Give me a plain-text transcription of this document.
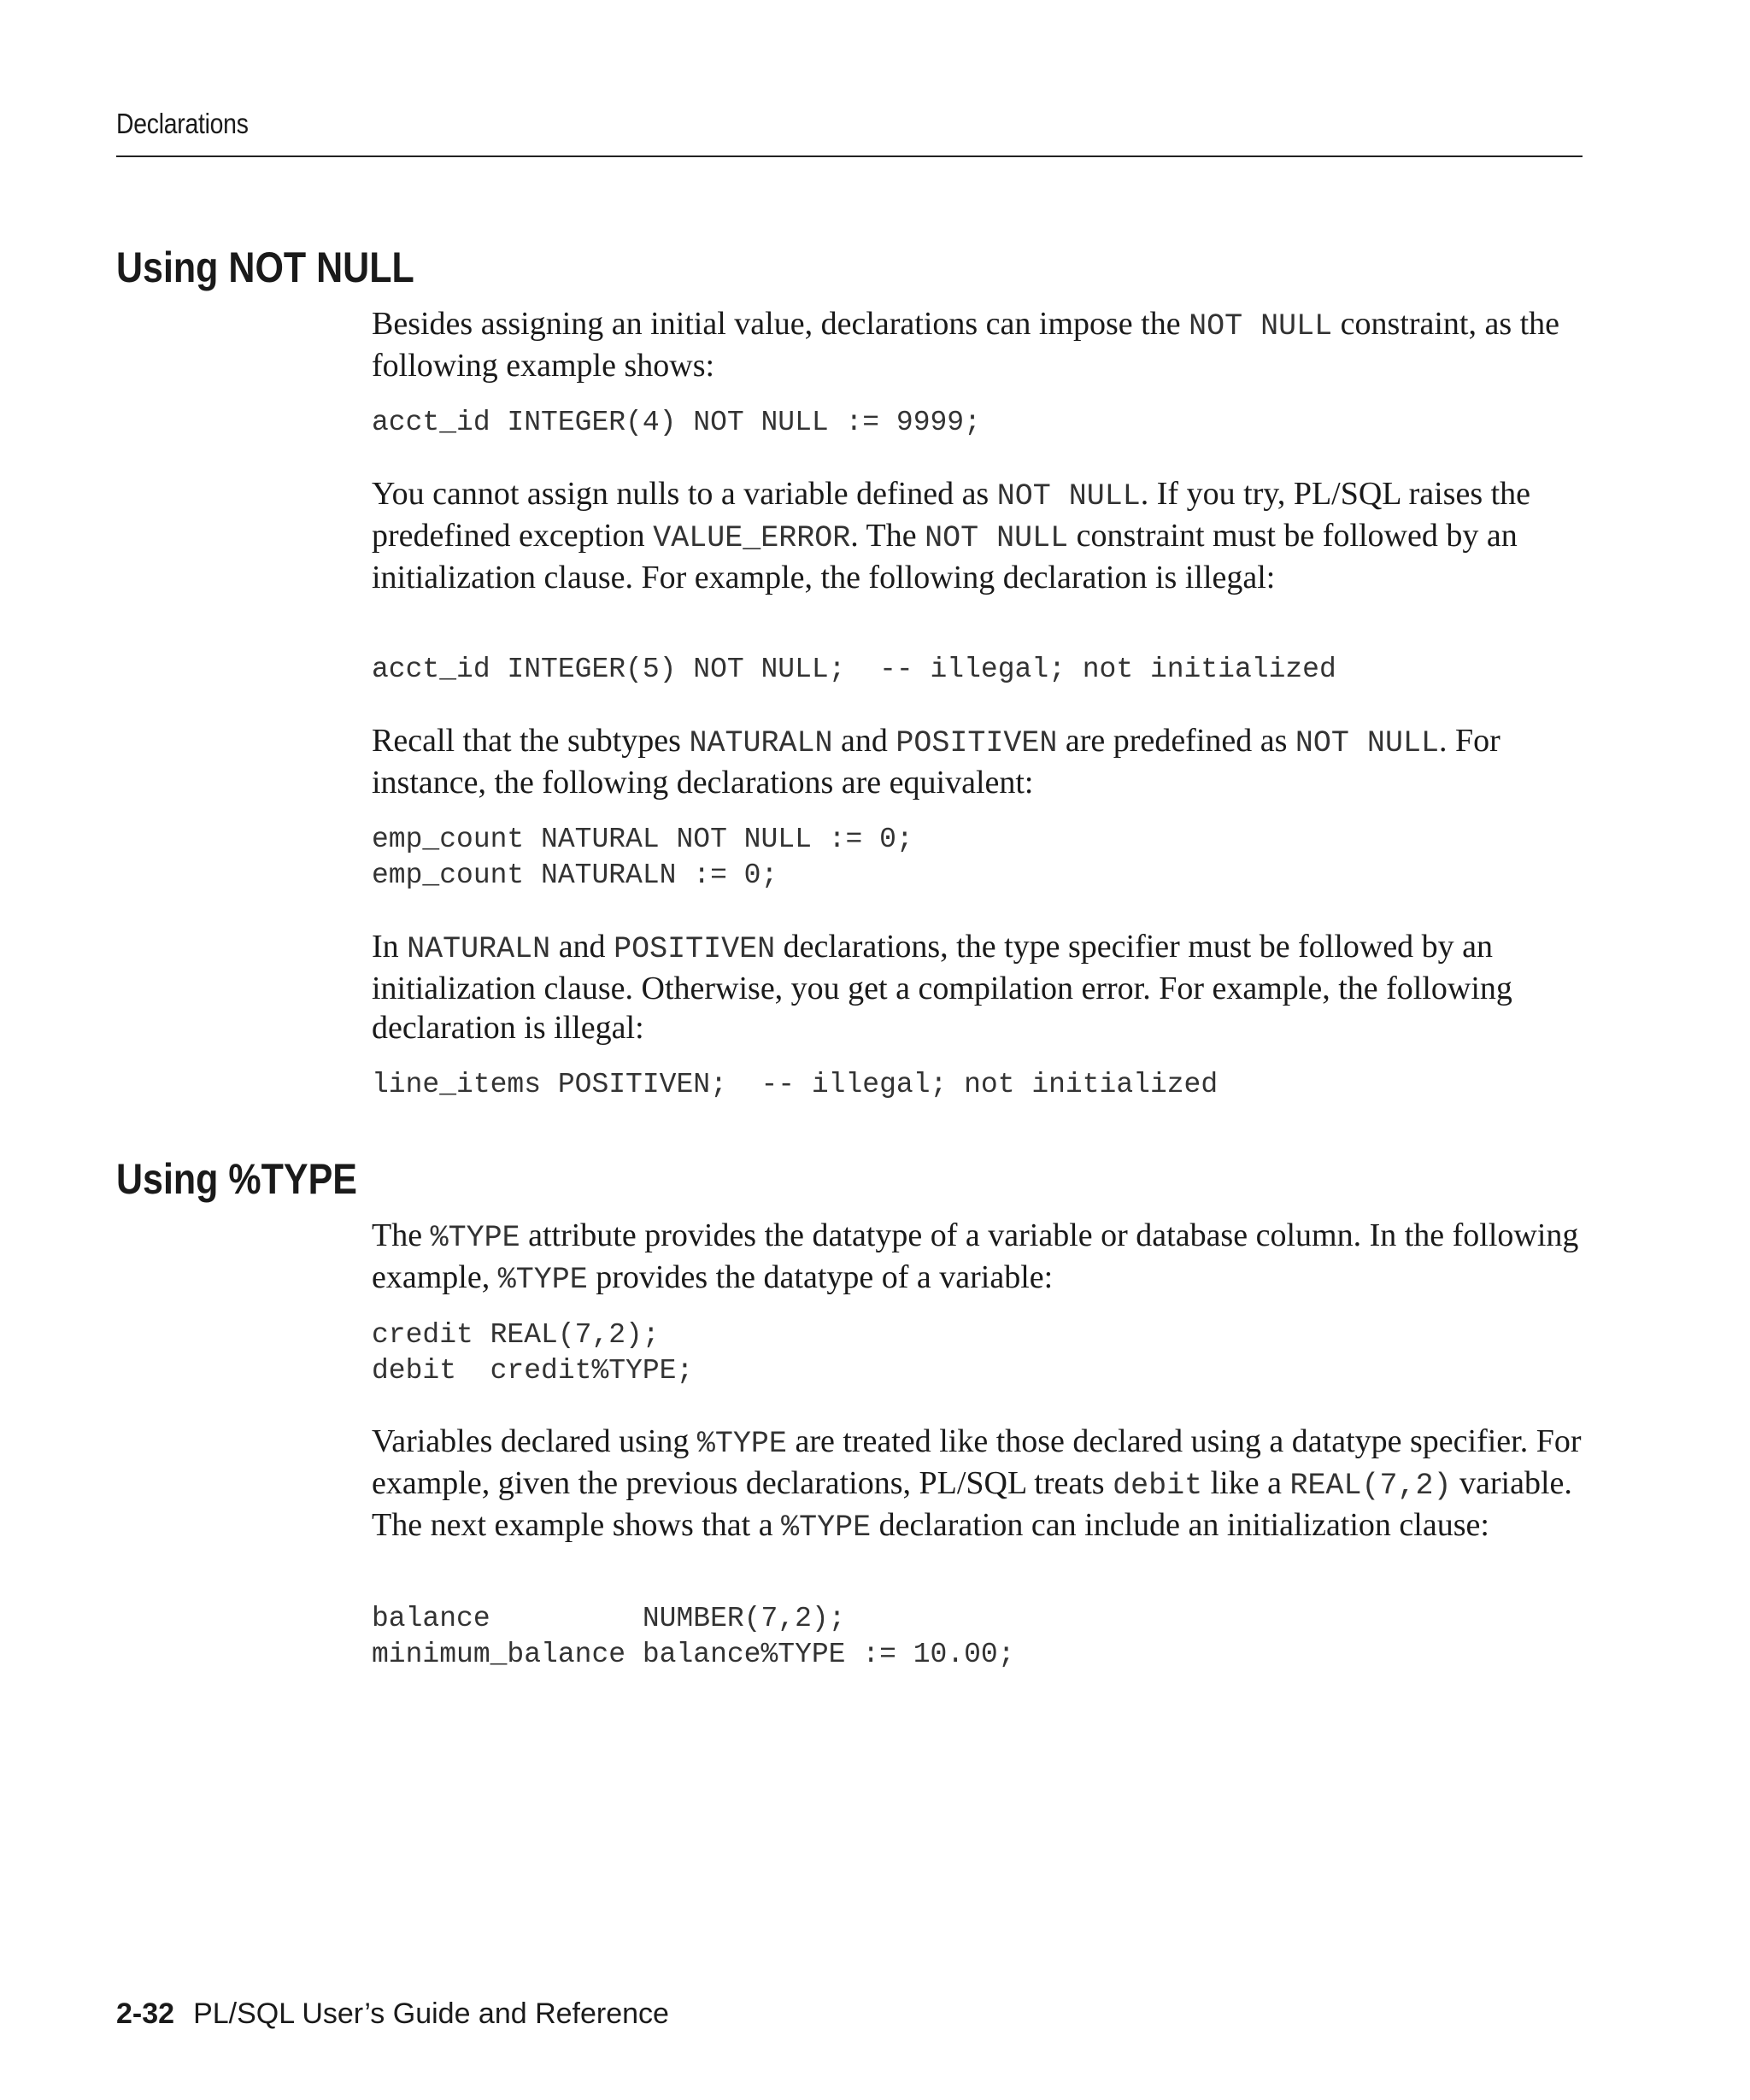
Declarations
Using NOT NULL

Besides assigning an initial value, declarations can impose the NOT NULL constraint, as the following example shows:

acct_id INTEGER(4) NOT NULL := 9999;

You cannot assign nulls to a variable defined as NOT NULL. If you try, PL/SQL raises the predefined exception VALUE_ERROR. The NOT NULL constraint must be followed by an initialization clause. For example, the following declaration is illegal:

acct_id INTEGER(5) NOT NULL;  -- illegal; not initialized

Recall that the subtypes NATURALN and POSITIVEN are predefined as NOT NULL. For instance, the following declarations are equivalent:

emp_count NATURAL NOT NULL := 0;
emp_count NATURALN := 0;

In NATURALN and POSITIVEN declarations, the type specifier must be followed by an initialization clause. Otherwise, you get a compilation error. For example, the following declaration is illegal:

line_items POSITIVEN;  -- illegal; not initialized
Using %TYPE

The %TYPE attribute provides the datatype of a variable or database column. In the following example, %TYPE provides the datatype of a variable:

credit REAL(7,2);
debit  credit%TYPE;

Variables declared using %TYPE are treated like those declared using a datatype specifier. For example, given the previous declarations, PL/SQL treats debit like a REAL(7,2) variable. The next example shows that a %TYPE declaration can include an initialization clause:

balance         NUMBER(7,2);
minimum_balance balance%TYPE := 10.00;
2-32 PL/SQL User’s Guide and Reference
